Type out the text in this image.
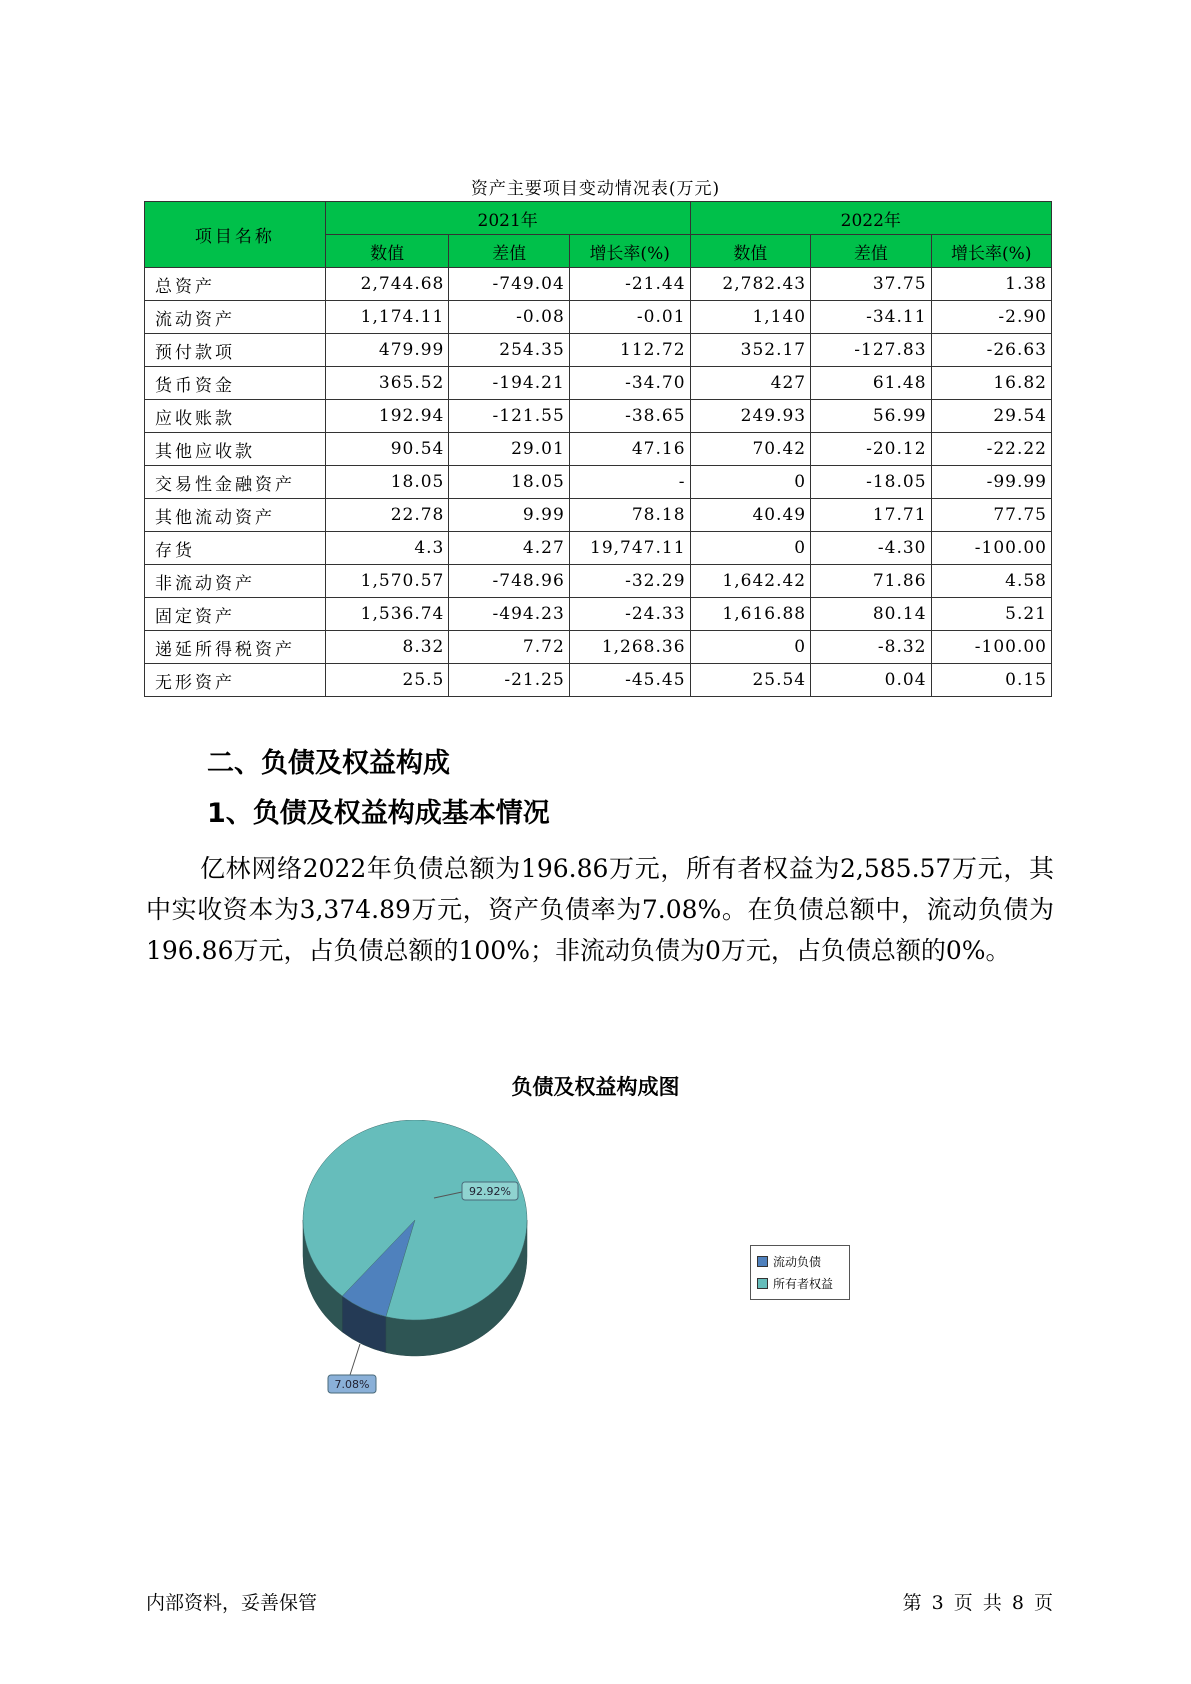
资产主要项目变动情况表(万元)
项目名称	2021年			2022年		
	数值	差值	增长率(%)	数值	差值	增长率(%)
总资产	2,744.68	-749.04	-21.44	2,782.43	37.75	1.38
流动资产	1,174.11	-0.08	-0.01	1,140	-34.11	-2.90
预付款项	479.99	254.35	112.72	352.17	-127.83	-26.63
货币资金	365.52	-194.21	-34.70	427	61.48	16.82
应收账款	192.94	-121.55	-38.65	249.93	56.99	29.54
其他应收款	90.54	29.01	47.16	70.42	-20.12	-22.22
交易性金融资产	18.05	18.05	-	0	-18.05	-99.99
其他流动资产	22.78	9.99	78.18	40.49	17.71	77.75
存货	4.3	4.27	19,747.11	0	-4.30	-100.00
非流动资产	1,570.57	-748.96	-32.29	1,642.42	71.86	4.58
固定资产	1,536.74	-494.23	-24.33	1,616.88	80.14	5.21
递延所得税资产	8.32	7.72	1,268.36	0	-8.32	-100.00
无形资产	25.5	-21.25	-45.45	25.54	0.04	0.15
二、负债及权益构成
1、负债及权益构成基本情况
亿林网络2022年负债总额为196.86万元，所有者权益为2,585.57万元，其中实收资本为3,374.89万元，资产负债率为7.08%。在负债总额中，流动负债为196.86万元，占负债总额的100%；非流动负债为0万元，占负债总额的0%。
负债及权益构成图
7.08%
92.92%
流动负债
所有者权益
内部资料，妥善保管	第 3 页 共 8 页
